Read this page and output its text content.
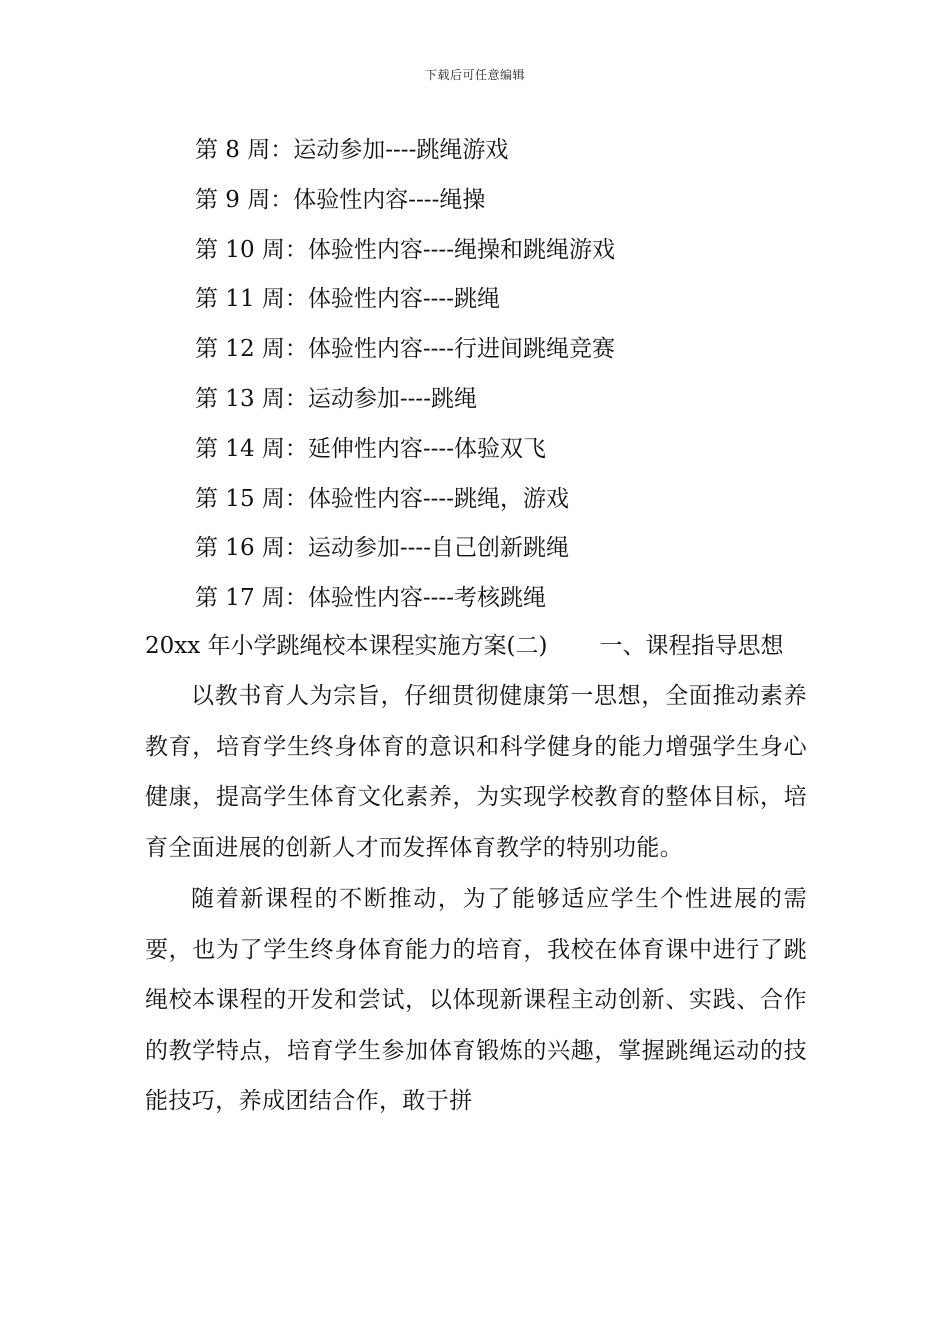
下载后可任意编辑
第 8 周：运动参加----跳绳游戏
第 9 周：体验性内容----绳操
第 10 周：体验性内容----绳操和跳绳游戏
第 11 周：体验性内容----跳绳
第 12 周：体验性内容----行进间跳绳竞赛
第 13 周：运动参加----跳绳
第 14 周：延伸性内容----体验双飞
第 15 周：体验性内容----跳绳，游戏
第 16 周：运动参加----自己创新跳绳
第 17 周：体验性内容----考核跳绳

20xx 年小学跳绳校本课程实施方案(二) 一、课程指导思想

以教书育人为宗旨，仔细贯彻健康第一思想，全面推动素养教育，培育学生终身体育的意识和科学健身的能力增强学生身心健康，提高学生体育文化素养，为实现学校教育的整体目标，培育全面进展的创新人才而发挥体育教学的特别功能。

随着新课程的不断推动，为了能够适应学生个性进展的需要，也为了学生终身体育能力的培育，我校在体育课中进行了跳绳校本课程的开发和尝试，以体现新课程主动创新、实践、合作的教学特点，培育学生参加体育锻炼的兴趣，掌握跳绳运动的技能技巧，养成团结合作，敢于拼
